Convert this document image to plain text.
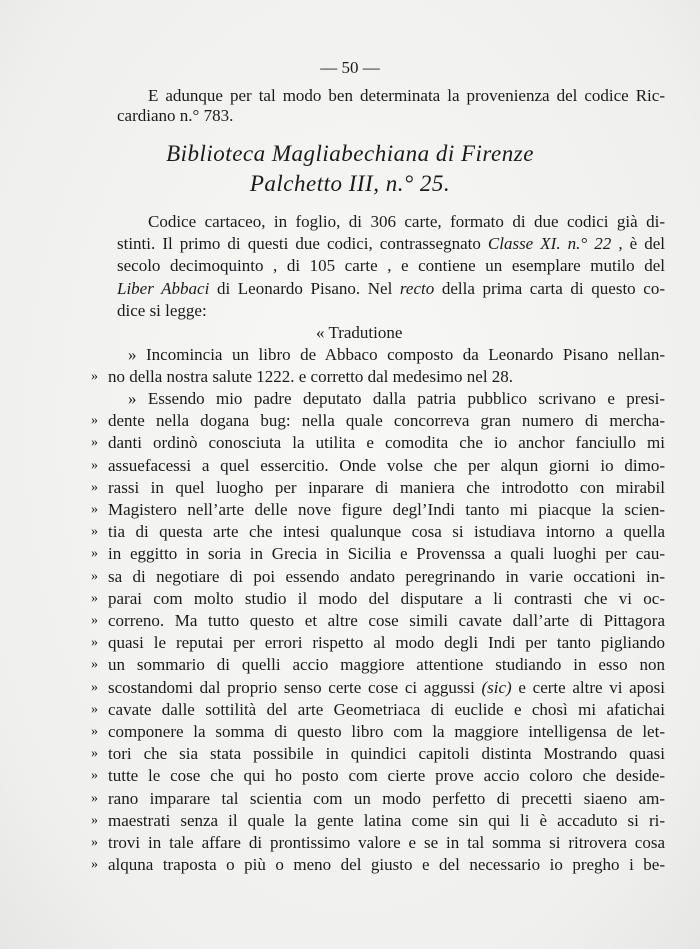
— 50 —
Biblioteca Magliabechiana di Firenze
Palchetto III, n.° 25.
« Tradutione
E adunque per tal modo ben determinata la provenienza del codice Ric-
cardiano n.° 783.
Codice cartaceo, in foglio, di 306 carte, formato di due codici già di-
stinti. Il primo di questi due codici, contrassegnato Classe XI. n.° 22 , è del
secolo decimoquinto , di 105 carte , e contiene un esemplare mutilo del
Liber Abbaci di Leonardo Pisano. Nel recto della prima carta di questo co-
dice si legge:
» Incomincia un libro de Abbaco composto da Leonardo Pisano nellan-
» no della nostra salute 1222. e corretto dal medesimo nel 28.
» Essendo mio padre deputato dalla patria pubblico scrivano e presi-
» dente nella dogana bug: nella quale concorreva gran numero di mercha-
» danti ordinò conosciuta la utilita e comodita che io anchor fanciullo mi
» assuefacessi a quel essercitio. Onde volse che per alqun giorni io dimo-
» rassi in quel luogho per inparare di maniera che introdotto con mirabil
» Magistero nell’arte delle nove figure degl’Indi tanto mi piacque la scien-
» tia di questa arte che intesi qualunque cosa si istudiava intorno a quella
» in eggitto in soria in Grecia in Sicilia e Provenssa a quali luoghi per cau-
» sa di negotiare di poi essendo andato peregrinando in varie occationi in-
» parai com molto studio il modo del disputare a li contrasti che vi oc-
» correno. Ma tutto questo et altre cose simili cavate dall’arte di Pittagora
» quasi le reputai per errori rispetto al modo degli Indi per tanto pigliando
» un sommario di quelli accio maggiore attentione studiando in esso non
» scostandomi dal proprio senso certe cose ci aggussi (sic) e certe altre vi aposi
» cavate dalle sottilità del arte Geometriaca di euclide e chosì mi afatichai
» componere la somma di questo libro com la maggiore intelligensa de let-
» tori che sia stata possibile in quindici capitoli distinta Mostrando quasi
» tutte le cose che qui ho posto com cierte prove accio coloro che deside-
» rano imparare tal scientia com un modo perfetto di precetti siaeno am-
» maestrati senza il quale la gente latina come sin qui li è accaduto si ri-
» trovi in tale affare di prontissimo valore e se in tal somma si ritrovera cosa
» alquna traposta o più o meno del giusto e del necessario io pregho i be-
